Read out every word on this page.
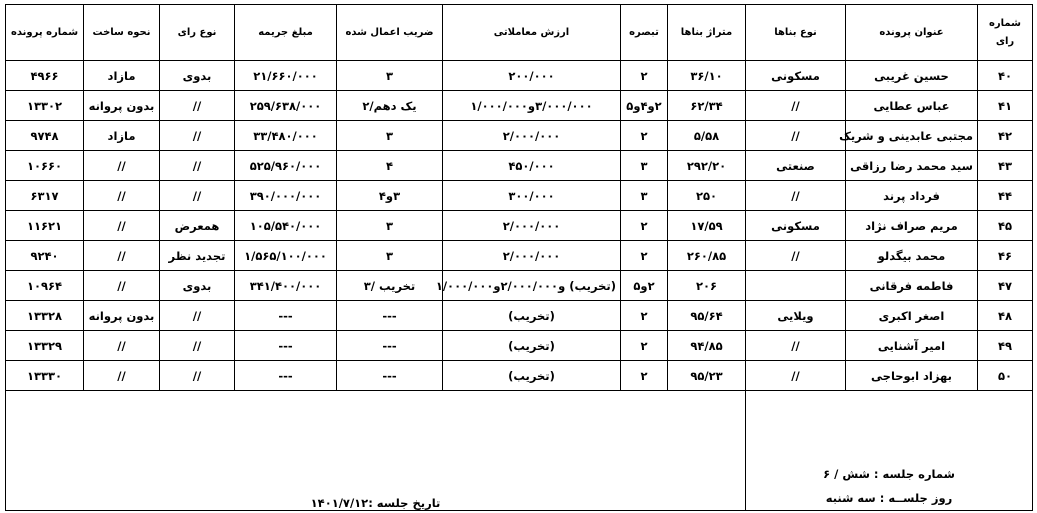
شماره رای	عنوان پرونده	نوع بنا‌ها	متراژ بنا‌ها	تبصره	ارزش معاملاتی	ضریب اعمال شده	مبلغ جریمه	نوع رای	نحوه ساخت	شماره پرونده
۴۰	حسین غریبی	مسکونی	۳۶/۱۰	۲	۲۰۰/۰۰۰	۳	۲۱/۶۶۰/۰۰۰	بدوی	مازاد	۴۹۶۶
۴۱	عباس عطایی	//	۶۲/۳۴	۲و۴و۵	۳/۰۰۰/۰۰۰و۱/۰۰۰/۰۰۰	یک دهم/۲	۲۵۹/۶۳۸/۰۰۰	//	بدون پروانه	۱۳۳۰۲
۴۲	مجتبی عابدینی و شریک	//	۵/۵۸	۲	۲/۰۰۰/۰۰۰	۳	۳۳/۴۸۰/۰۰۰	//	مازاد	۹۷۴۸
۴۳	سید محمد رضا رزاقی	صنعتی	۲۹۲/۲۰	۳	۴۵۰/۰۰۰	۴	۵۲۵/۹۶۰/۰۰۰	//	//	۱۰۶۶۰
۴۴	فرداد پرند	//	۲۵۰	۳	۳۰۰/۰۰۰	۳و۴	۳۹۰/۰۰۰/۰۰۰	//	//	۶۳۱۷
۴۵	مریم صراف نژاد	مسکونی	۱۷/۵۹	۲	۲/۰۰۰/۰۰۰	۳	۱۰۵/۵۴۰/۰۰۰	همعرض	//	۱۱۶۲۱
۴۶	محمد بیگدلو	//	۲۶۰/۸۵	۲	۲/۰۰۰/۰۰۰	۳	۱/۵۶۵/۱۰۰/۰۰۰	تجدید نظر	//	۹۲۴۰
۴۷	فاطمه فرقانی		۲۰۶	۲و۵	(تخریب) و۲/۰۰۰/۰۰۰و۱/۰۰۰/۰۰۰	تخریب /۳	۳۴۱/۴۰۰/۰۰۰	بدوی	//	۱۰۹۶۴
۴۸	اصغر اکبری	ویلایی	۹۵/۶۴	۲	(تخریب)	---	---	//	بدون پروانه	۱۳۳۲۸
۴۹	امیر آشنایی	//	۹۴/۸۵	۲	(تخریب)	---	---	//	//	۱۳۳۲۹
۵۰	بهزاد ابوحاجی	//	۹۵/۲۳	۲	(تخریب)	---	---	//	//	۱۳۳۳۰

شماره جلسه : شش / ۶
روز جلســه : سه شنبه			تاریخ جلسه :۱۴۰۱/۷/۱۲							
